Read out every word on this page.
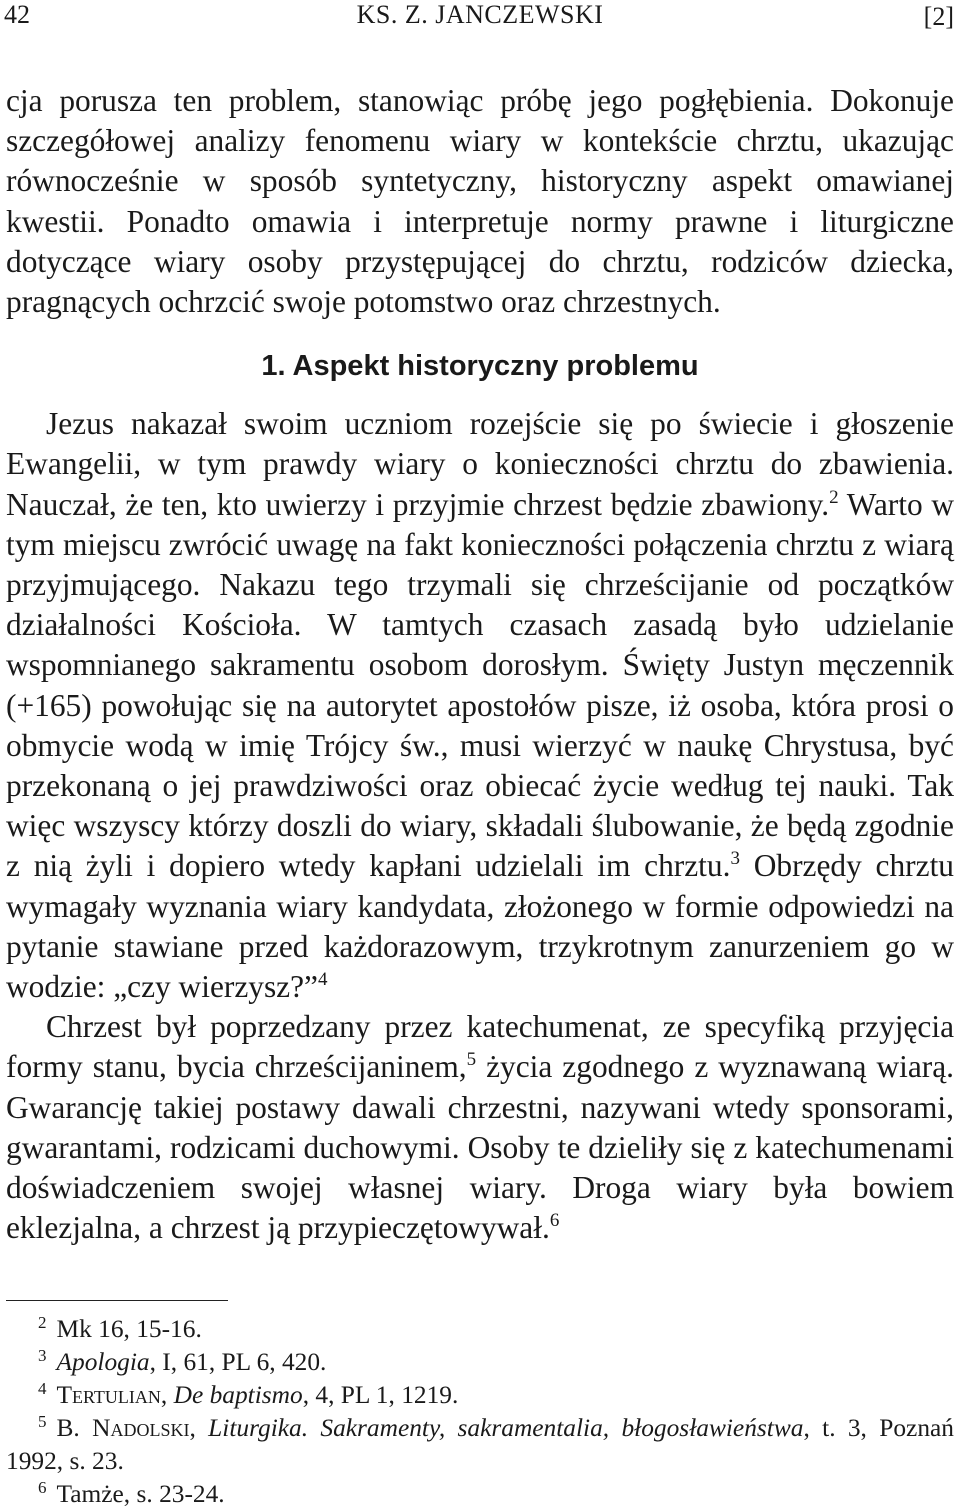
42	KS. Z. JANCZEWSKI	[2]

cja porusza ten problem, stanowiąc próbę jego pogłębienia. Dokonuje szczegółowej analizy fenomenu wiary w kontekście chrztu, ukazując równocześnie w sposób syntetyczny, historyczny aspekt omawianej kwestii. Ponadto omawia i interpretuje normy prawne i liturgiczne dotyczące wiary osoby przystępującej do chrztu, rodziców dziecka, pragnących ochrzcić swoje potomstwo oraz chrzestnych.

1. Aspekt historyczny problemu

Jezus nakazał swoim uczniom rozejście się po świecie i głoszenie Ewangelii, w tym prawdy wiary o konieczności chrztu do zbawienia. Nauczał, że ten, kto uwierzy i przyjmie chrzest będzie zbawiony.$^2$ Warto w tym miejscu zwrócić uwagę na fakt konieczności połączenia chrztu z wiarą przyjmującego. Nakazu tego trzymali się chrześcijanie od początków działalności Kościoła. W tamtych czasach zasadą było udzielanie wspomnianego sakramentu osobom dorosłym. Święty Justyn męczennik (+165) powołując się na autorytet apostołów pisze, iż osoba, która prosi o obmycie wodą w imię Trójcy św., musi wierzyć w naukę Chrystusa, być przekonaną o jej prawdziwości oraz obiecać życie według tej nauki. Tak więc wszyscy którzy doszli do wiary, składali ślubowanie, że będą zgodnie z nią żyli i dopiero wtedy kapłani udzielali im chrztu.$^3$ Obrzędy chrztu wymagały wyznania wiary kandydata, złożonego w formie odpowiedzi na pytanie stawiane przed każdorazowym, trzykrotnym zanurzeniem go w wodzie: „czy wierzysz?”$^4$

Chrzest był poprzedzany przez katechumenat, ze specyfiką przyjęcia formy stanu, bycia chrześcijaninem,$^5$ życia zgodnego z wyznawaną wiarą. Gwarancję takiej postawy dawali chrzestni, nazywani wtedy sponsorami, gwarantami, rodzicami duchowymi. Osoby te dzieliły się z katechumenami doświadczeniem swojej własnej wiary. Droga wiary była bowiem eklezjalna, a chrzest ją przypieczętowywał.$^6$

$^2$ Mk 16, 15-16.

$^3$ Apologia, I, 61, PL 6, 420.

$^4$ Tertulian, De baptismo, 4, PL 1, 1219.

$^5$ B. Nadolski, Liturgika. Sakramenty, sakramentalia, błogosławieństwa, t. 3, Poznań 1992, s. 23.

$^6$ Tamże, s. 23-24.
